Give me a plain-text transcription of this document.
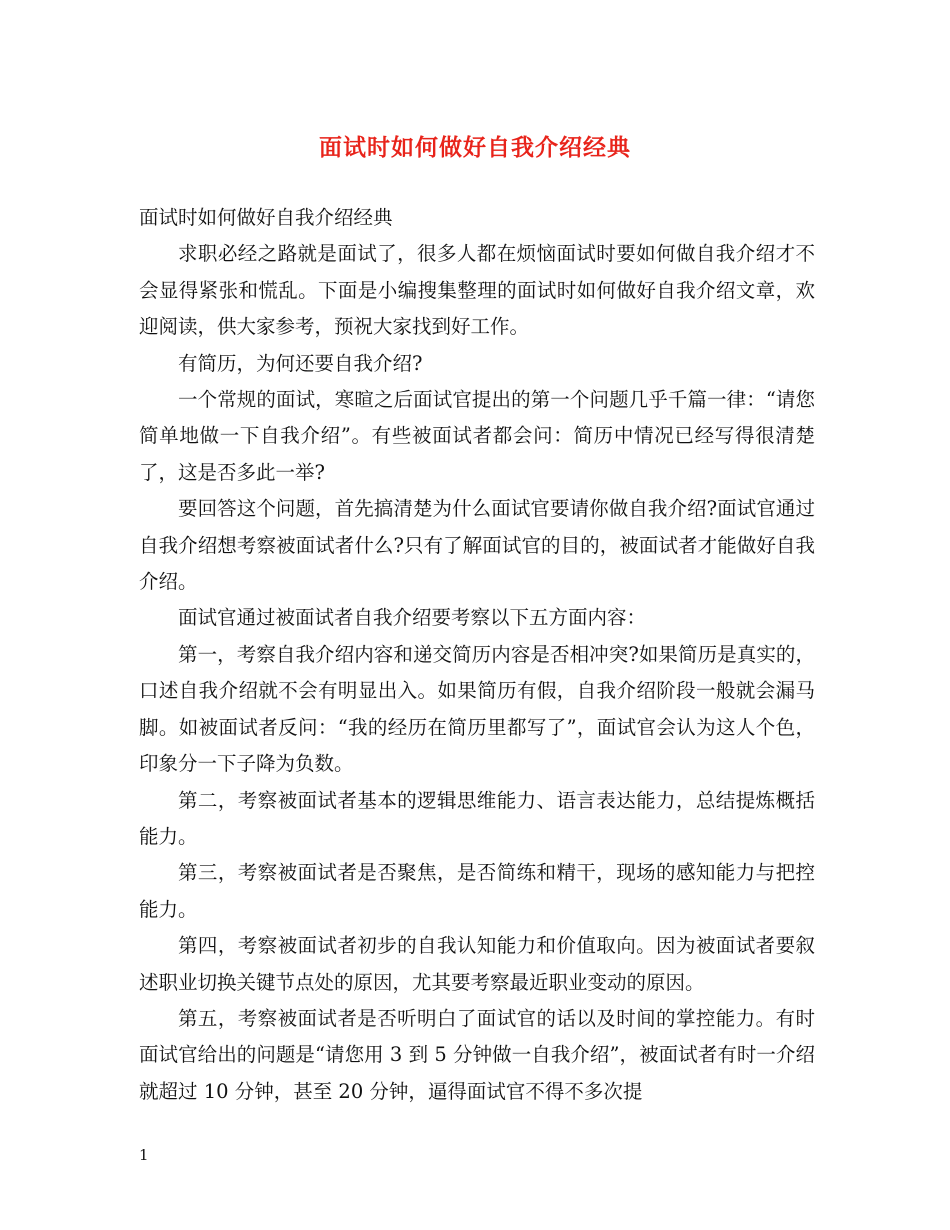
面试时如何做好自我介绍经典

面试时如何做好自我介绍经典

求职必经之路就是面试了，很多人都在烦恼面试时要如何做自我介绍才不会显得紧张和慌乱。下面是小编搜集整理的面试时如何做好自我介绍文章，欢迎阅读，供大家参考，预祝大家找到好工作。

有简历，为何还要自我介绍?

一个常规的面试，寒暄之后面试官提出的第一个问题几乎千篇一律：“请您简单地做一下自我介绍”。有些被面试者都会问：简历中情况已经写得很清楚了，这是否多此一举?

要回答这个问题，首先搞清楚为什么面试官要请你做自我介绍?面试官通过自我介绍想考察被面试者什么?只有了解面试官的目的，被面试者才能做好自我介绍。

面试官通过被面试者自我介绍要考察以下五方面内容：

第一，考察自我介绍内容和递交简历内容是否相冲突?如果简历是真实的，口述自我介绍就不会有明显出入。如果简历有假，自我介绍阶段一般就会漏马脚。如被面试者反问：“我的经历在简历里都写了”，面试官会认为这人个色，印象分一下子降为负数。

第二，考察被面试者基本的逻辑思维能力、语言表达能力，总结提炼概括能力。

第三，考察被面试者是否聚焦，是否简练和精干，现场的感知能力与把控能力。

第四，考察被面试者初步的自我认知能力和价值取向。因为被面试者要叙述职业切换关键节点处的原因，尤其要考察最近职业变动的原因。

第五，考察被面试者是否听明白了面试官的话以及时间的掌控能力。有时面试官给出的问题是“请您用 3 到 5 分钟做一自我介绍”，被面试者有时一介绍就超过 10 分钟，甚至 20 分钟，逼得面试官不得不多次提

1
